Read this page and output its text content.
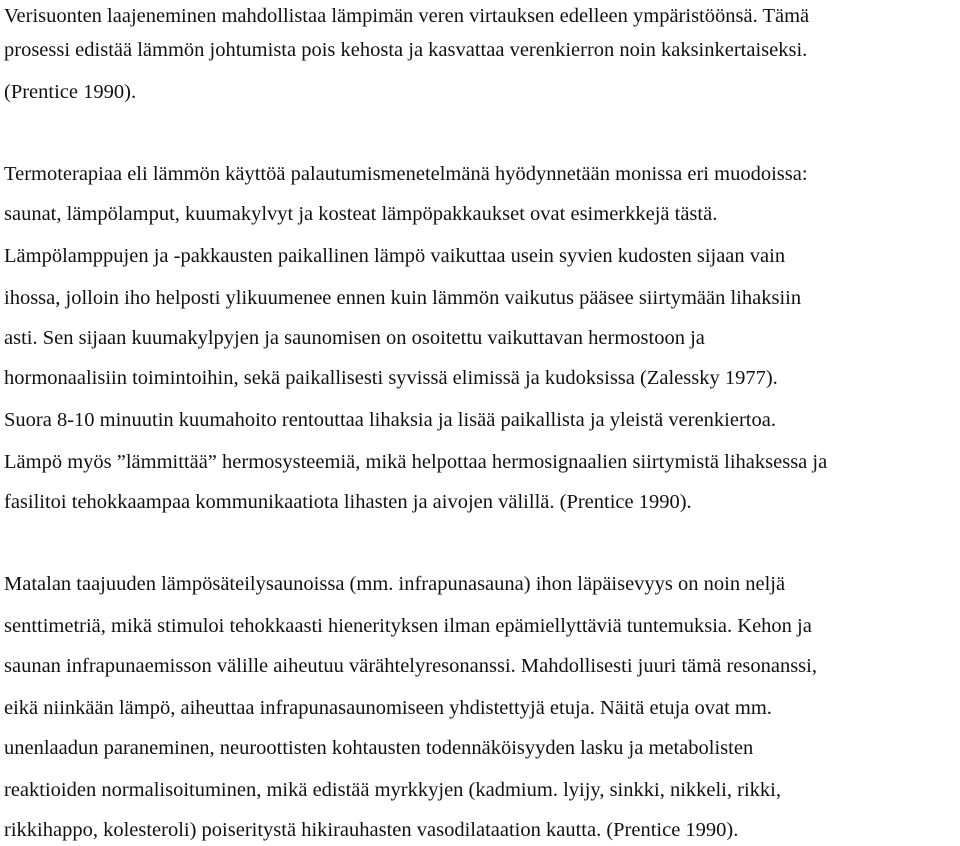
Verisuonten laajeneminen mahdollistaa lämpimän veren virtauksen edelleen ympäristöönsä. Tämä
prosessi edistää lämmön johtumista pois kehosta ja kasvattaa verenkierron noin kaksinkertaiseksi.
(Prentice 1990).
Termoterapiaa eli lämmön käyttöä palautumismenetelmänä hyödynnetään monissa eri muodoissa:
saunat, lämpölamput, kuumakylvyt ja kosteat lämpöpakkaukset ovat esimerkkejä tästä.
Lämpölamppujen ja -pakkausten paikallinen lämpö vaikuttaa usein syvien kudosten sijaan vain
ihossa, jolloin iho helposti ylikuumenee ennen kuin lämmön vaikutus pääsee siirtymään lihaksiin
asti. Sen sijaan kuumakylpyjen ja saunomisen on osoitettu vaikuttavan hermostoon ja
hormonaalisiin toimintoihin, sekä paikallisesti syvissä elimissä ja kudoksissa (Zalessky 1977).
Suora 8-10 minuutin kuumahoito rentouttaa lihaksia ja lisää paikallista ja yleistä verenkiertoa.
Lämpö myös ”lämmittää” hermosysteemiä, mikä helpottaa hermosignaalien siirtymistä lihaksessa ja
fasilitoi tehokkaampaa kommunikaatiota lihasten ja aivojen välillä. (Prentice 1990).
Matalan taajuuden lämpösäteilysaunoissa (mm. infrapunasauna) ihon läpäisevyys on noin neljä
senttimetriä, mikä stimuloi tehokkaasti hienerityksen ilman epämiellyttäviä tuntemuksia. Kehon ja
saunan infrapunaemisson välille aiheutuu värähtelyresonanssi. Mahdollisesti juuri tämä resonanssi,
eikä niinkään lämpö, aiheuttaa infrapunasaunomiseen yhdistettyjä etuja. Näitä etuja ovat mm.
unenlaadun paraneminen, neuroottisten kohtausten todennäköisyyden lasku ja metabolisten
reaktioiden normalisoituminen, mikä edistää myrkkyjen (kadmium. lyijy, sinkki, nikkeli, rikki,
rikkihappo, kolesteroli) poiseritystä hikirauhasten vasodilataation kautta. (Prentice 1990).
